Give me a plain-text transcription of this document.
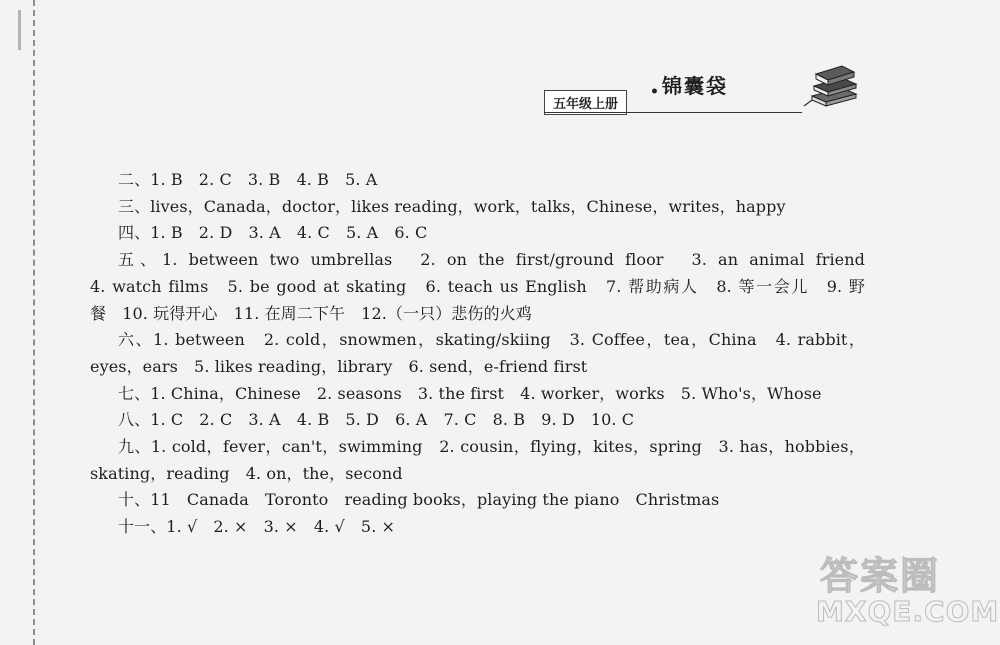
五年级上册
• 锦囊袋
二、1. B　2. C　3. B　4. B　5. A
三、lives，Canada，doctor，likes reading，work，talks，Chinese，writes，happy
四、1. B　2. D　3. A　4. C　5. A　6. C
五、1. between two umbrellas　2. on the first/ground floor　3. an animal friend
4. watch films　5. be good at skating　6. teach us English　7. 帮助病人　8. 等一会儿　9. 野
餐　10. 玩得开心　11. 在周二下午　12.（一只）悲伤的火鸡
六、1. between　2. cold，snowmen，skating/skiing　3. Coffee，tea，China　4. rabbit，
eyes，ears　5. likes reading，library　6. send，e-friend first
七、1. China，Chinese　2. seasons　3. the first　4. worker，works　5. Who's，Whose
八、1. C　2. C　3. A　4. B　5. D　6. A　7. C　8. B　9. D　10. C
九、1. cold，fever，can't，swimming　2. cousin，flying，kites，spring　3. has，hobbies，
skating，reading　4. on，the，second
十、11　Canada　Toronto　reading books，playing the piano　Christmas
十一、1. √　2. ×　3. ×　4. √　5. ×
答案圈
MXQE.COM
